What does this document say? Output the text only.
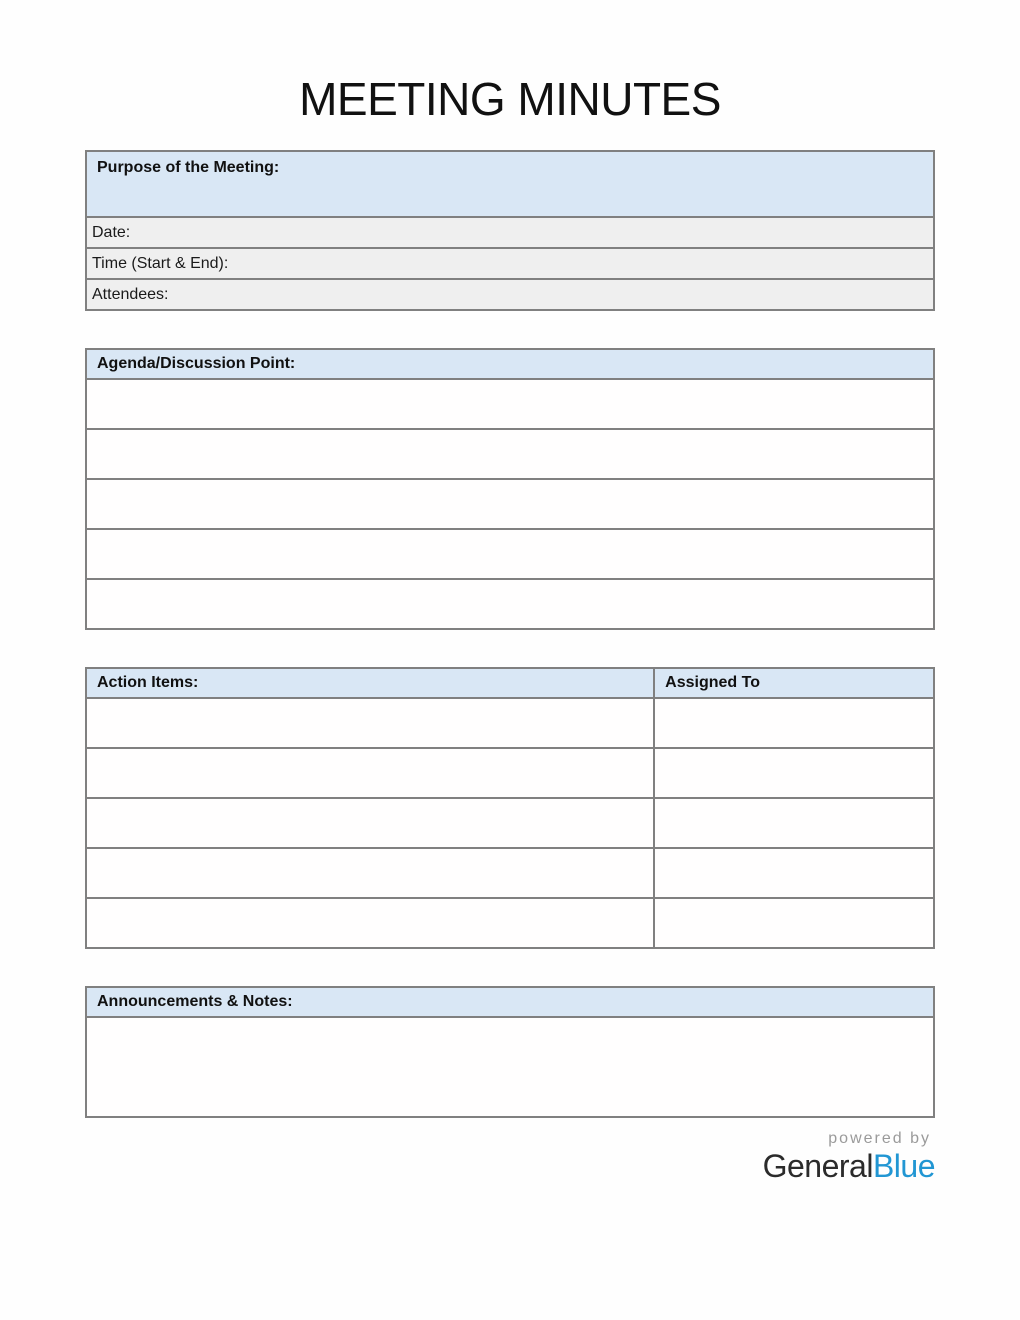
MEETING MINUTES
Purpose of the Meeting:
Date:
Time (Start & End):
Attendees:
Agenda/Discussion Point:

Action Items:	Assigned To

Announcements & Notes:

powered by
GeneralBlue
